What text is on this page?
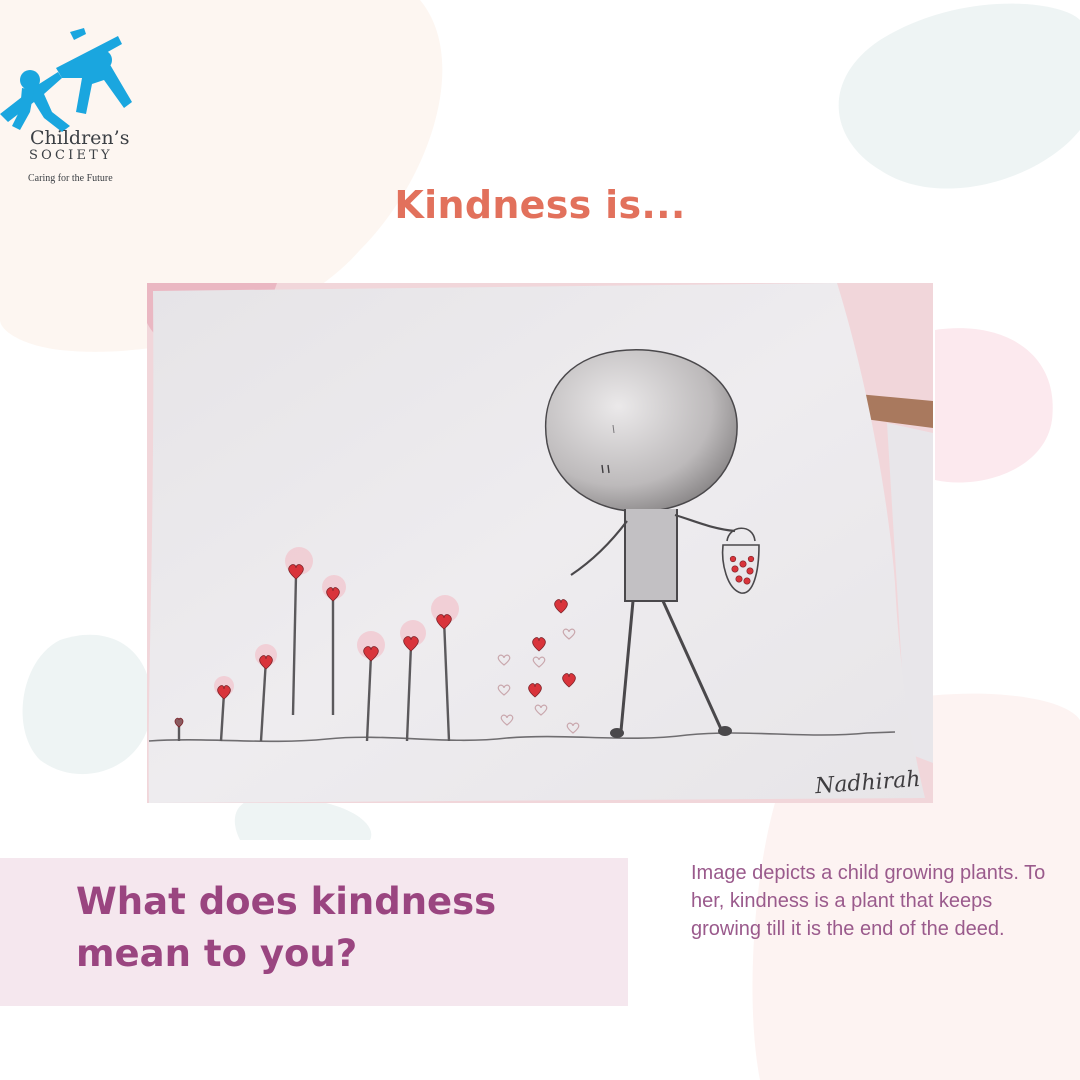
Children’s
SOCIETY
Caring for the Future
Kindness is...
Nadhirah
What does kindness mean to you?
Image depicts a child growing plants. To her, kindness is a plant that keeps growing till it is the end of the deed.
